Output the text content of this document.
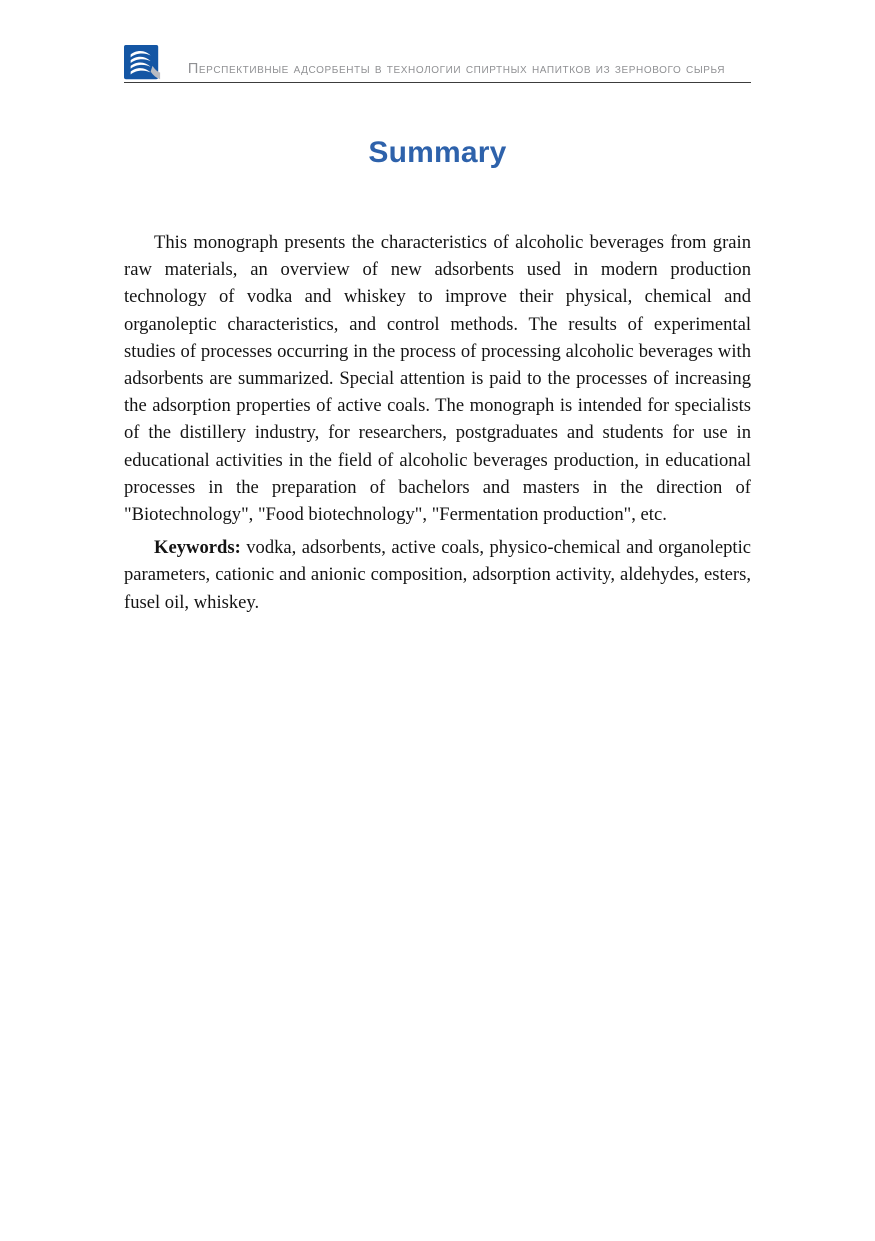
Перспективные адсорбенты в технологии спиртных напитков из зернового сырья
Summary

This monograph presents the characteristics of alcoholic beverages from grain raw materials, an overview of new adsorbents used in modern production technology of vodka and whiskey to improve their physical, chemical and organoleptic characteristics, and control methods. The results of experimental studies of processes occurring in the process of processing alcoholic beverages with adsorbents are summarized. Special attention is paid to the processes of increasing the adsorption properties of active coals. The monograph is intended for specialists of the distillery industry, for researchers, postgraduates and students for use in educational activities in the field of alcoholic beverages production, in educational processes in the preparation of bachelors and masters in the direction of "Biotechnology", "Food biotechnology", "Fermentation production", etc.

Keywords: vodka, adsorbents, active coals, physico-chemical and organoleptic parameters, cationic and anionic composition, adsorption activity, aldehydes, esters, fusel oil, whiskey.
